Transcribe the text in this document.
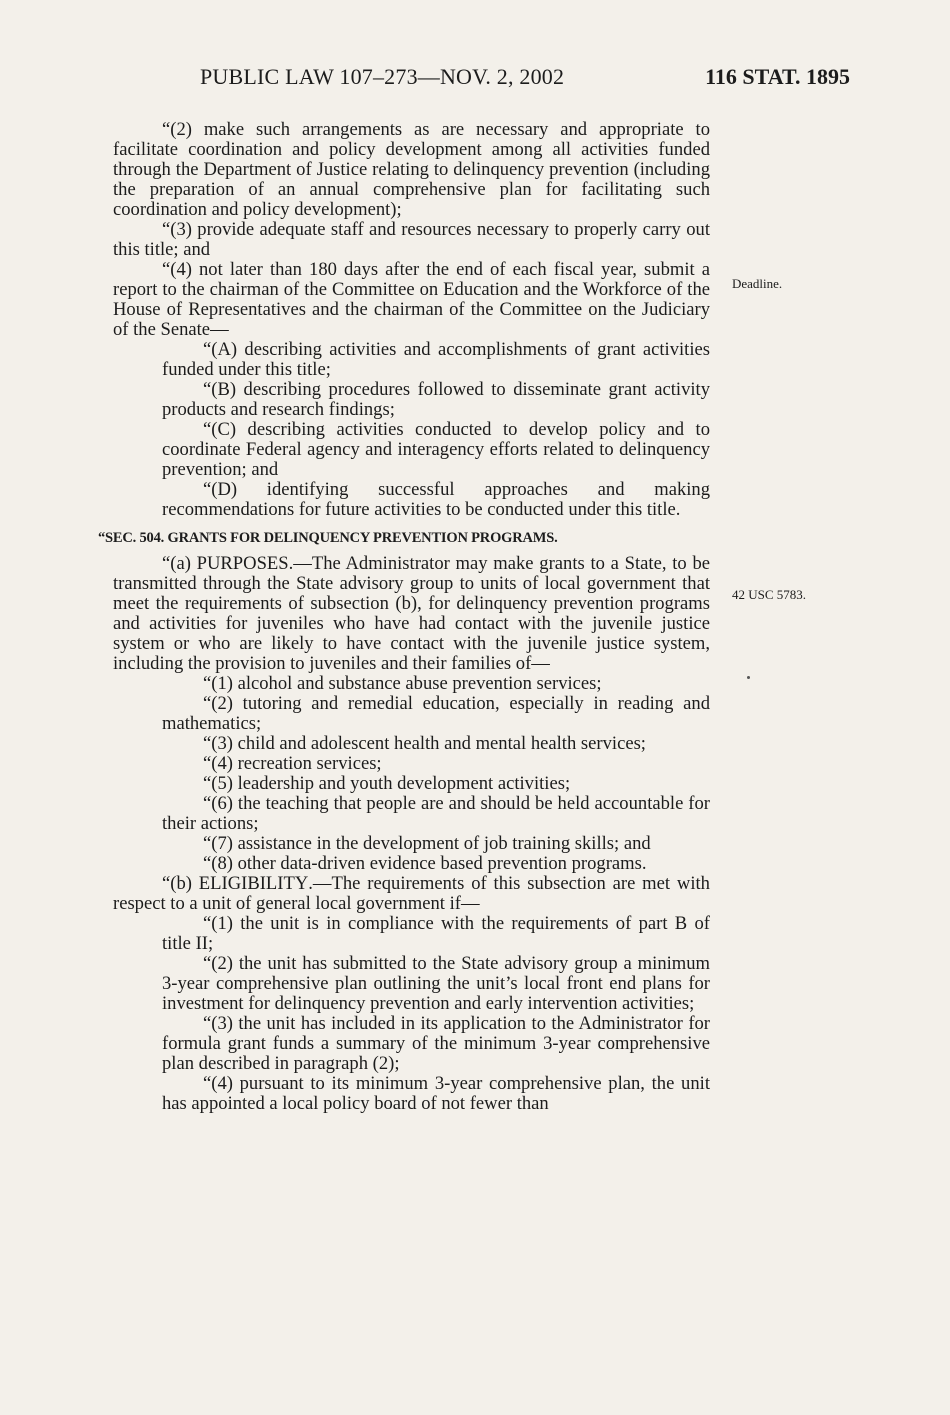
PUBLIC LAW 107–273—NOV. 2, 2002	116 STAT. 1895
Deadline.
42 USC 5783.

“(2) make such arrangements as are necessary and appropriate to facilitate coordination and policy development among all activities funded through the Department of Justice relating to delinquency prevention (including the preparation of an annual comprehensive plan for facilitating such coordination and policy development);

“(3) provide adequate staff and resources necessary to properly carry out this title; and

“(4) not later than 180 days after the end of each fiscal year, submit a report to the chairman of the Committee on Education and the Workforce of the House of Representatives and the chairman of the Committee on the Judiciary of the Senate—

“(A) describing activities and accomplishments of grant activities funded under this title;

“(B) describing procedures followed to disseminate grant activity products and research findings;

“(C) describing activities conducted to develop policy and to coordinate Federal agency and interagency efforts related to delinquency prevention; and

“(D) identifying successful approaches and making recommendations for future activities to be conducted under this title.

“SEC. 504. GRANTS FOR DELINQUENCY PREVENTION PROGRAMS.

“(a) PURPOSES.—The Administrator may make grants to a State, to be transmitted through the State advisory group to units of local government that meet the requirements of subsection (b), for delinquency prevention programs and activities for juveniles who have had contact with the juvenile justice system or who are likely to have contact with the juvenile justice system, including the provision to juveniles and their families of—

“(1) alcohol and substance abuse prevention services;

“(2) tutoring and remedial education, especially in reading and mathematics;

“(3) child and adolescent health and mental health services;

“(4) recreation services;

“(5) leadership and youth development activities;

“(6) the teaching that people are and should be held accountable for their actions;

“(7) assistance in the development of job training skills; and

“(8) other data-driven evidence based prevention programs.

“(b) ELIGIBILITY.—The requirements of this subsection are met with respect to a unit of general local government if—

“(1) the unit is in compliance with the requirements of part B of title II;

“(2) the unit has submitted to the State advisory group a minimum 3-year comprehensive plan outlining the unit’s local front end plans for investment for delinquency prevention and early intervention activities;

“(3) the unit has included in its application to the Administrator for formula grant funds a summary of the minimum 3-year comprehensive plan described in paragraph (2);

“(4) pursuant to its minimum 3-year comprehensive plan, the unit has appointed a local policy board of not fewer than
